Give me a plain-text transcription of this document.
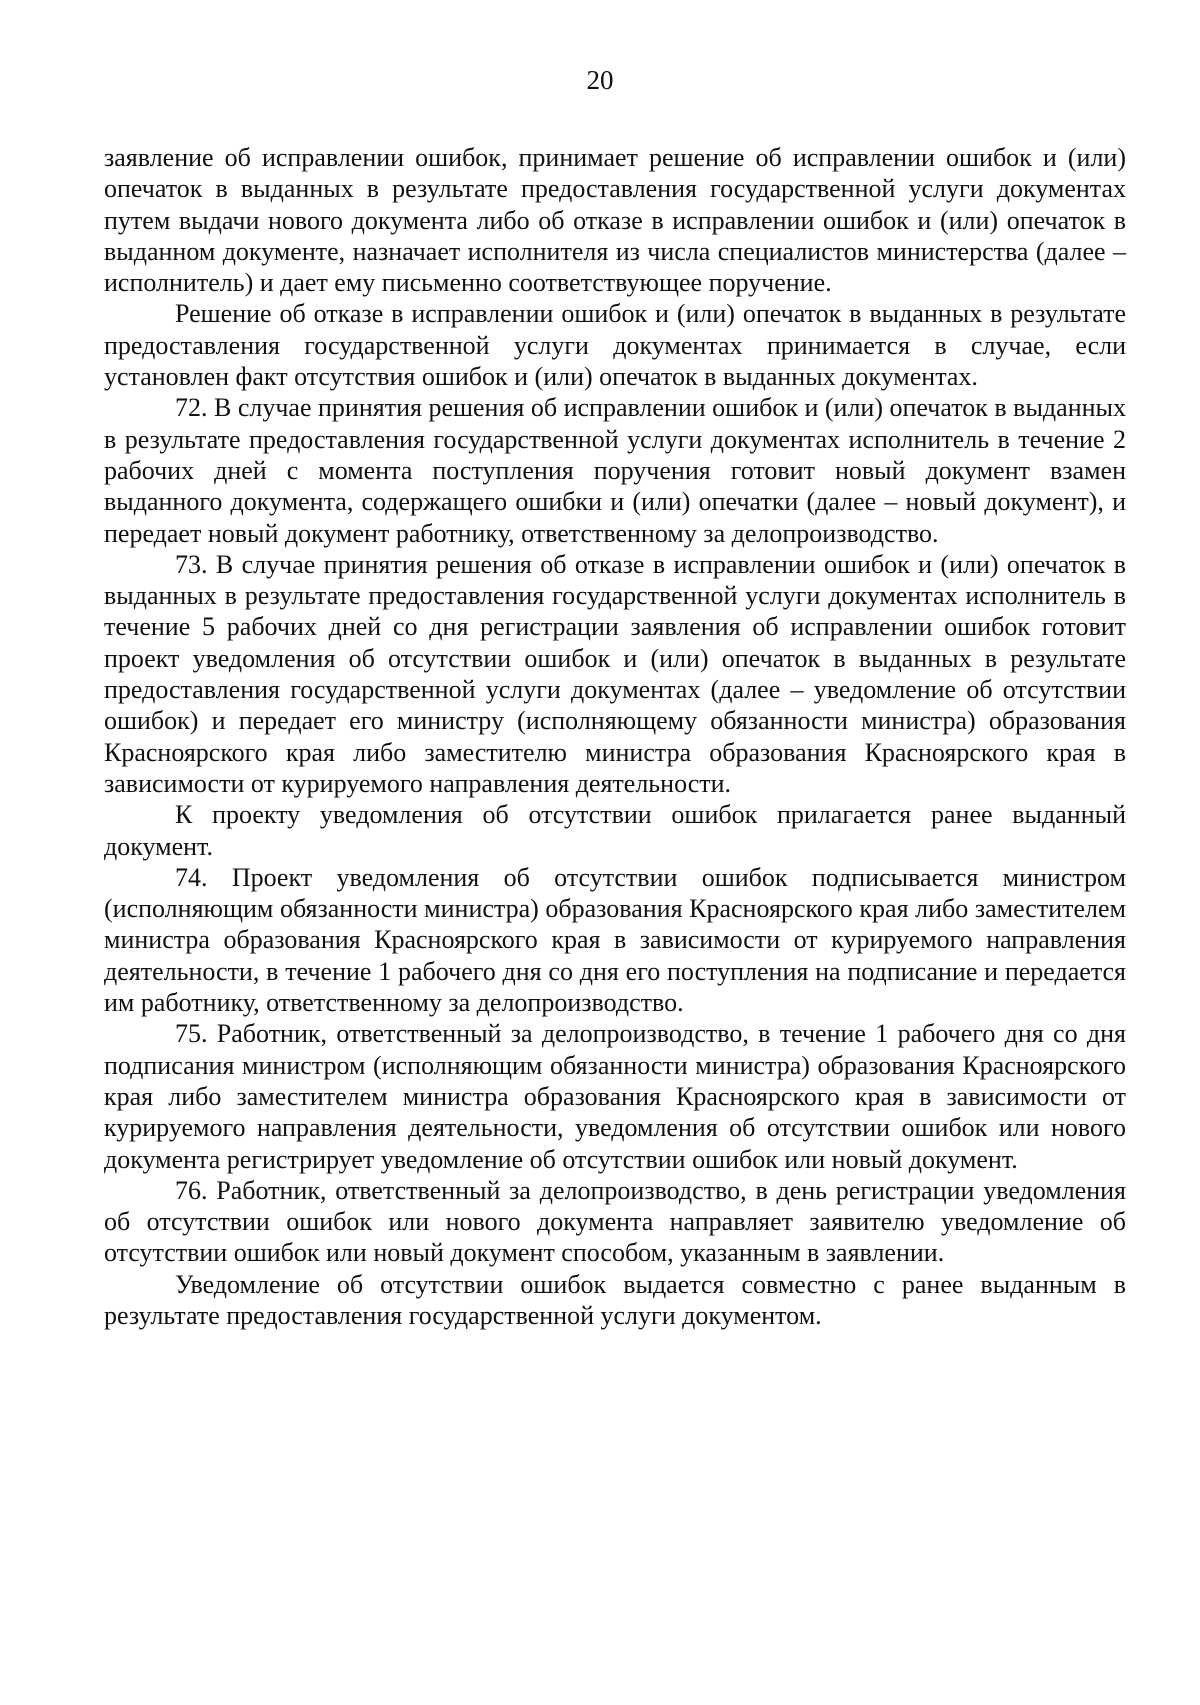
20

заявление об исправлении ошибок, принимает решение об исправлении ошибок и (или) опечаток в выданных в результате предоставления государственной услуги документах путем выдачи нового документа либо об отказе в исправлении ошибок и (или) опечаток в выданном документе, назначает исполнителя из числа специалистов министерства (далее – исполнитель) и дает ему письменно соответствующее поручение.

Решение об отказе в исправлении ошибок и (или) опечаток в выданных в результате предоставления государственной услуги документах принимается в случае, если установлен факт отсутствия ошибок и (или) опечаток в выданных документах.

72. В случае принятия решения об исправлении ошибок и (или) опечаток в выданных в результате предоставления государственной услуги документах исполнитель в течение 2 рабочих дней с момента поступления поручения готовит новый документ взамен выданного документа, содержащего ошибки и (или) опечатки (далее – новый документ), и передает новый документ работнику, ответственному за делопроизводство.

73. В случае принятия решения об отказе в исправлении ошибок и (или) опечаток в выданных в результате предоставления государственной услуги документах исполнитель в течение 5 рабочих дней со дня регистрации заявления об исправлении ошибок готовит проект уведомления об отсутствии ошибок и (или) опечаток в выданных в результате предоставления государственной услуги документах (далее – уведомление об отсутствии ошибок) и передает его министру (исполняющему обязанности министра) образования Красноярского края либо заместителю министра образования Красноярского края в зависимости от курируемого направления деятельности.

К проекту уведомления об отсутствии ошибок прилагается ранее выданный документ.

74. Проект уведомления об отсутствии ошибок подписывается министром (исполняющим обязанности министра) образования Красноярского края либо заместителем министра образования Красноярского края в зависимости от курируемого направления деятельности, в течение 1 рабочего дня со дня его поступления на подписание и передается им работнику, ответственному за делопроизводство.

75. Работник, ответственный за делопроизводство, в течение 1 рабочего дня со дня подписания министром (исполняющим обязанности министра) образования Красноярского края либо заместителем министра образования Красноярского края в зависимости от курируемого направления деятельности, уведомления об отсутствии ошибок или нового документа регистрирует уведомление об отсутствии ошибок или новый документ.

76. Работник, ответственный за делопроизводство, в день регистрации уведомления об отсутствии ошибок или нового документа направляет заявителю уведомление об отсутствии ошибок или новый документ способом, указанным в заявлении.

Уведомление об отсутствии ошибок выдается совместно с ранее выданным в результате предоставления государственной услуги документом.
